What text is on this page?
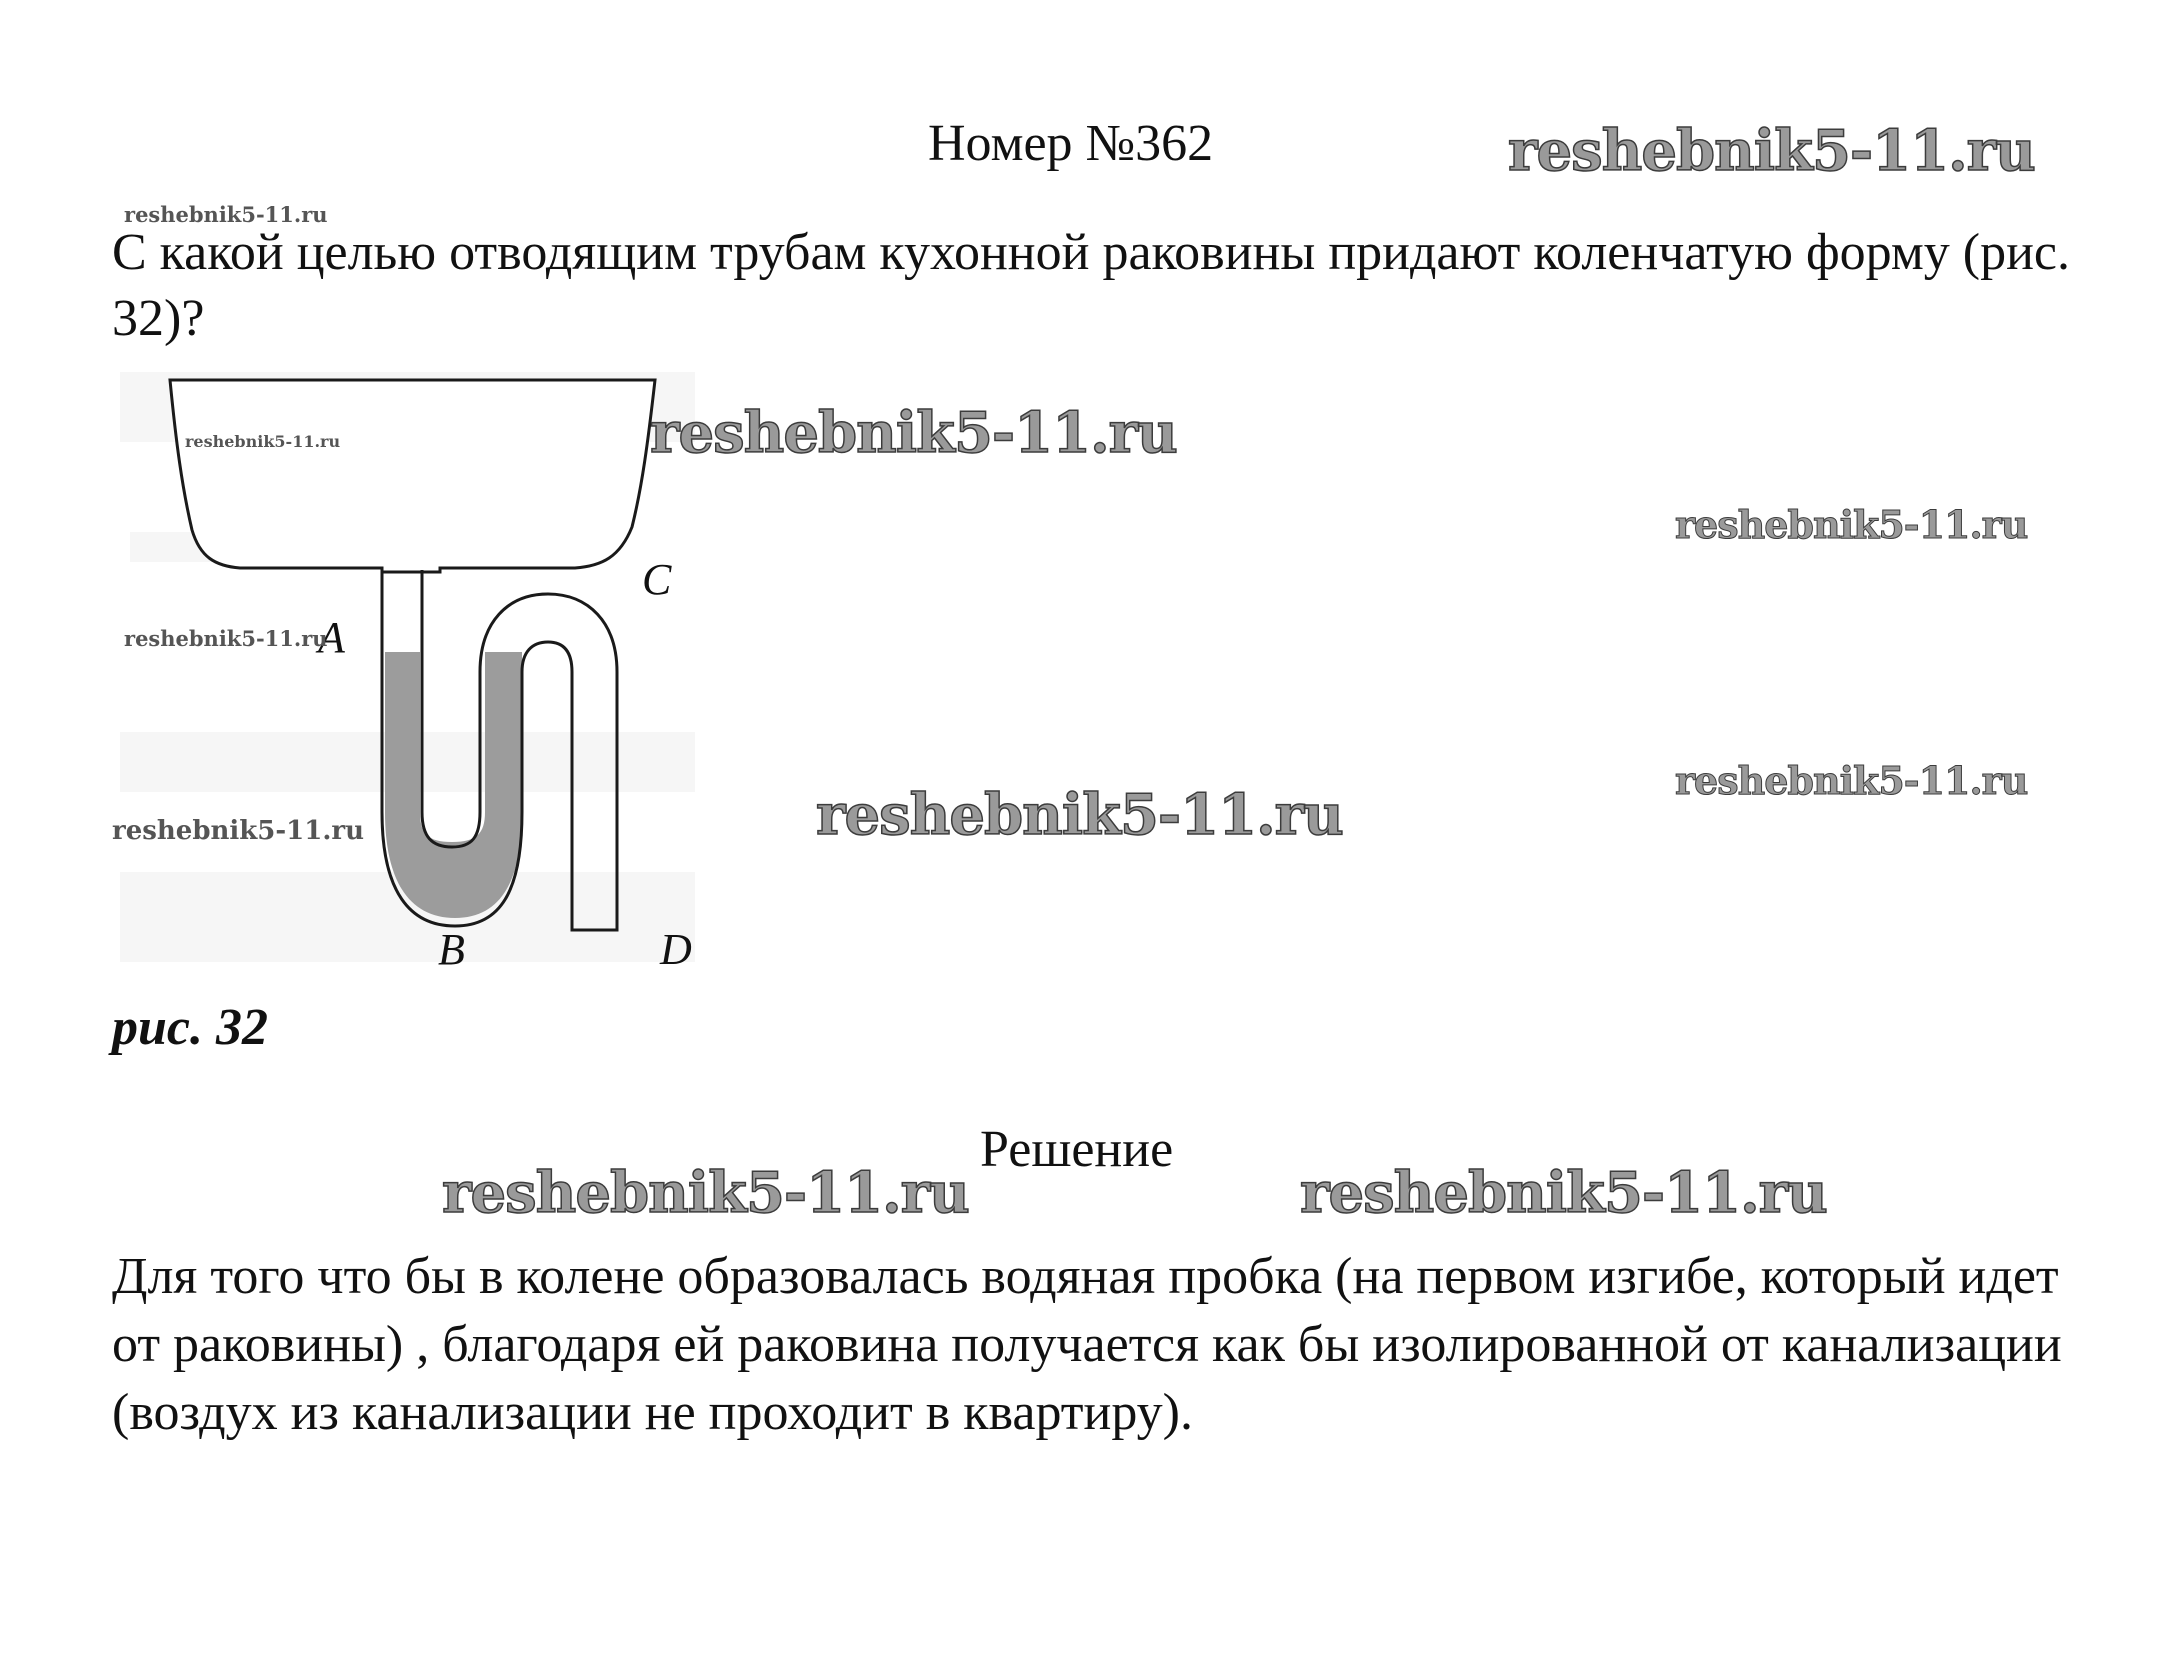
reshebnik5-11.ru
reshebnik5-11.ru
Номер №362
С какой целью отводящим трубам кухонной раковины придают коленчатую форму (рис. 32)?
A
B
C
D
reshebnik5-11.ru	reshebnik5-11.ru
reshebnik5-11.ru
reshebnik5-11.ru
reshebnik5-11.ru
reshebnik5-11.ru
reshebnik5-11.ru
рис. 32
Решение
reshebnik5-11.ru	reshebnik5-11.ru
Для того что бы в колене образовалась водяная пробка (на первом изгибе, который идет от раковины) , благодаря ей раковина получается как бы изолированной от канализации (воздух из канализации не проходит в квартиру).
